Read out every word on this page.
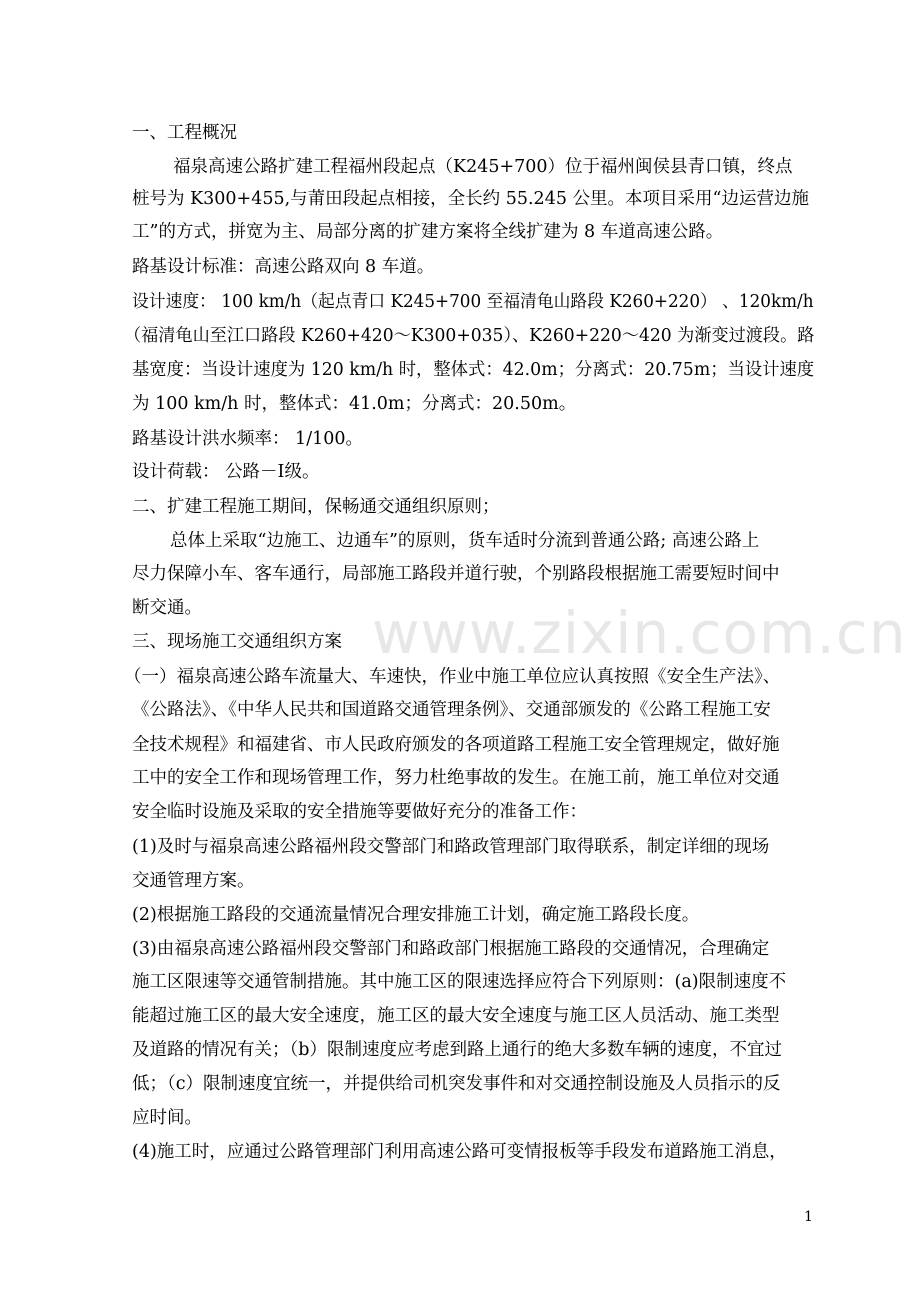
www.zixin.com.cn

一、工程概况

福泉高速公路扩建工程福州段起点（K245+700）位于福州闽侯县青口镇，终点

桩号为 K300+455,与莆田段起点相接，全长约 55.245 公里。本项目采用“边运营边施

工”的方式，拼宽为主、局部分离的扩建方案将全线扩建为 8 车道高速公路。

路基设计标准：高速公路双向 8 车道。

设计速度： 100 km/h（起点青口 K245+700 至福清龟山路段 K260+220） 、120km/h

（福清龟山至江口路段 K260+420～K300+035）、K260+220～420 为渐变过渡段。路

基宽度：当设计速度为 120 km/h 时，整体式：42.0m；分离式：20.75m；当设计速度

为 100 km/h 时，整体式：41.0m；分离式：20.50m。

路基设计洪水频率： 1/100。

设计荷载： 公路－Ⅰ级。

二、扩建工程施工期间，保畅通交通组织原则；

总体上采取“边施工、边通车”的原则，货车适时分流到普通公路; 高速公路上

尽力保障小车、客车通行，局部施工路段并道行驶，个别路段根据施工需要短时间中

断交通。

三、现场施工交通组织方案

（一）福泉高速公路车流量大、车速快，作业中施工单位应认真按照《安全生产法》、

《公路法》、《中华人民共和国道路交通管理条例》、交通部颁发的《公路工程施工安

全技术规程》和福建省、市人民政府颁发的各项道路工程施工安全管理规定，做好施

工中的安全工作和现场管理工作，努力杜绝事故的发生。在施工前，施工单位对交通

安全临时设施及采取的安全措施等要做好充分的准备工作：

(1)及时与福泉高速公路福州段交警部门和路政管理部门取得联系，制定详细的现场

交通管理方案。

(2)根据施工路段的交通流量情况合理安排施工计划，确定施工路段长度。

(3)由福泉高速公路福州段交警部门和路政部门根据施工路段的交通情况，合理确定

施工区限速等交通管制措施。其中施工区的限速选择应符合下列原则：(a)限制速度不

能超过施工区的最大安全速度，施工区的最大安全速度与施工区人员活动、施工类型

及道路的情况有关；（b）限制速度应考虑到路上通行的绝大多数车辆的速度，不宜过

低；（c）限制速度宜统一，并提供给司机突发事件和对交通控制设施及人员指示的反

应时间。

(4)施工时，应通过公路管理部门利用高速公路可变情报板等手段发布道路施工消息，

1
